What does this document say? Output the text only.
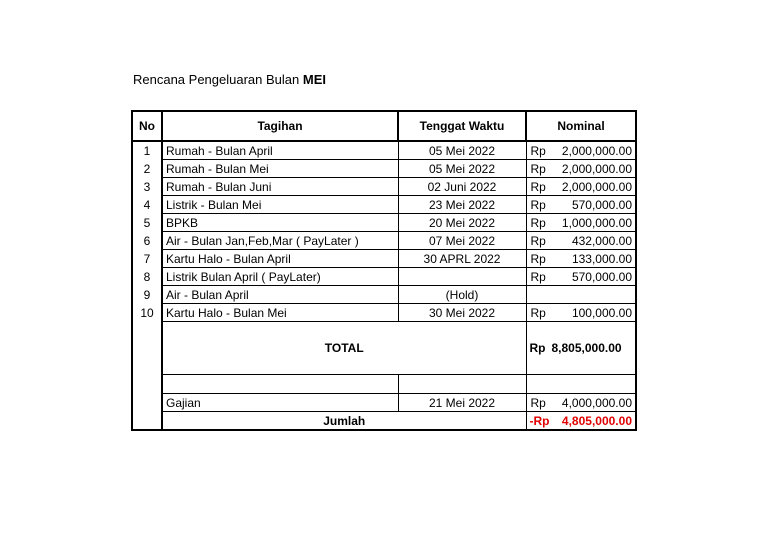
Rencana Pengeluaran Bulan MEI
No	Tagihan	Tenggat Waktu	Nominal
1	Rumah - Bulan April	05 Mei 2022	Rp 2,000,000.00

2	Rumah - Bulan Mei	05 Mei 2022	Rp 2,000,000.00

3	Rumah - Bulan Juni	02 Juni 2022	Rp 2,000,000.00

4	Listrik - Bulan Mei	23 Mei 2022	Rp 570,000.00

5	BPKB	20 Mei 2022	Rp 1,000,000.00

6	Air - Bulan Jan,Feb,Mar ( PayLater )	07 Mei 2022	Rp 432,000.00

7	Kartu Halo - Bulan April	30 APRL 2022	Rp 133,000.00

8	Listrik Bulan April ( PayLater)		Rp 570,000.00

9	Air - Bulan April	(Hold)	

10	Kartu Halo - Bulan Mei	30 Mei 2022	Rp 100,000.00

	TOTAL		Rp 8,805,000.00

	Gajian	21 Mei 2022	Rp 4,000,000.00

	Jumlah		-Rp 4,805,000.00
